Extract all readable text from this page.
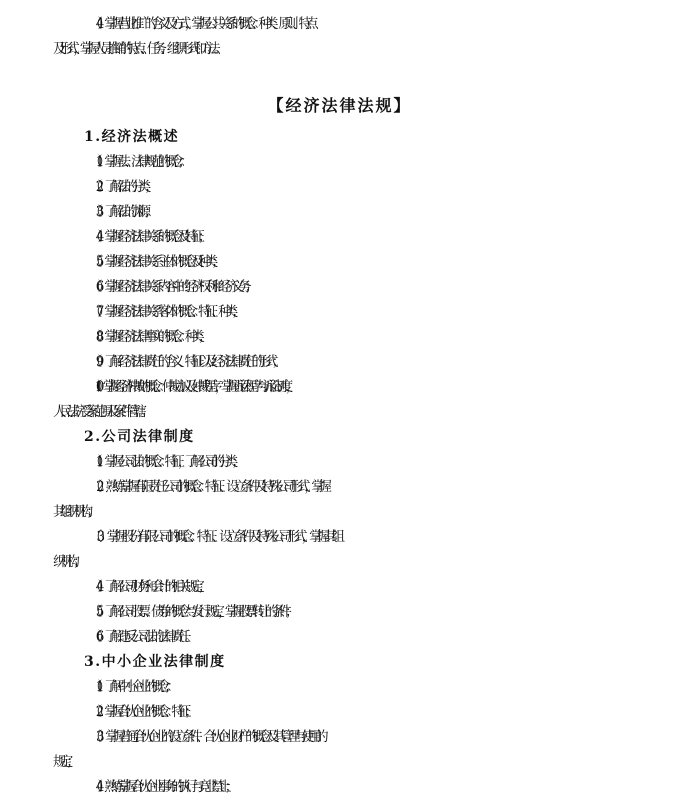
（4）掌握营业推广的含义及方式，掌握公共关系的概念、种类、原则、特点
及形式，掌握人员推销的特点、任务、组织形式和方法。
【经济法律法规】
1.经济法概述
（1）掌握法、法律规范的概念；
（2）了解法的分类；
（3）了解法的渊源；
（4）掌握经济法律关系的概念及特征；
（5）掌握经济法律关系主体的概念及种类；
（6）掌握经济法律关系内容中的经济权利和经济义务；
（7）掌握经济法律关系客体的概念、特征、种类；
（8）掌握经济法律事实的概念、种类；
（9）了解经济法律责任的含义、特征以及经济法律责任的形式；
（10）掌握经济仲裁的概念、仲裁协议及仲裁程序，掌握诉讼程序与诉讼制度，
人民法院受案范围及案件管辖。
2.公司法律制度
（1）掌握公司法的概念、特征，了解公司的分类；
（2）熟练掌握有限责任公司的概念、特征、设立条件及特殊公司形式，掌握
其组织机构；
（3）掌握股份有限公司的概念、特征、设立条件及特殊公司形式，掌握其组
织机构；
（4）了解公司财务和会计的相关规定；
（5）了解公司股票、债券的概念与发行规定，掌握股票转让的条件；
（6）了解违反公司法的法律责任。
3.中小企业法律制度
（1）了解中小企业的概念；
（2）掌握合伙企业的概念、特征；
（3）掌握普通合伙企业的设立条件、合伙企业财产的概念及其管理与使用的
规定；
（4）熟练掌握合伙企业事务的执行与竞业禁止；
